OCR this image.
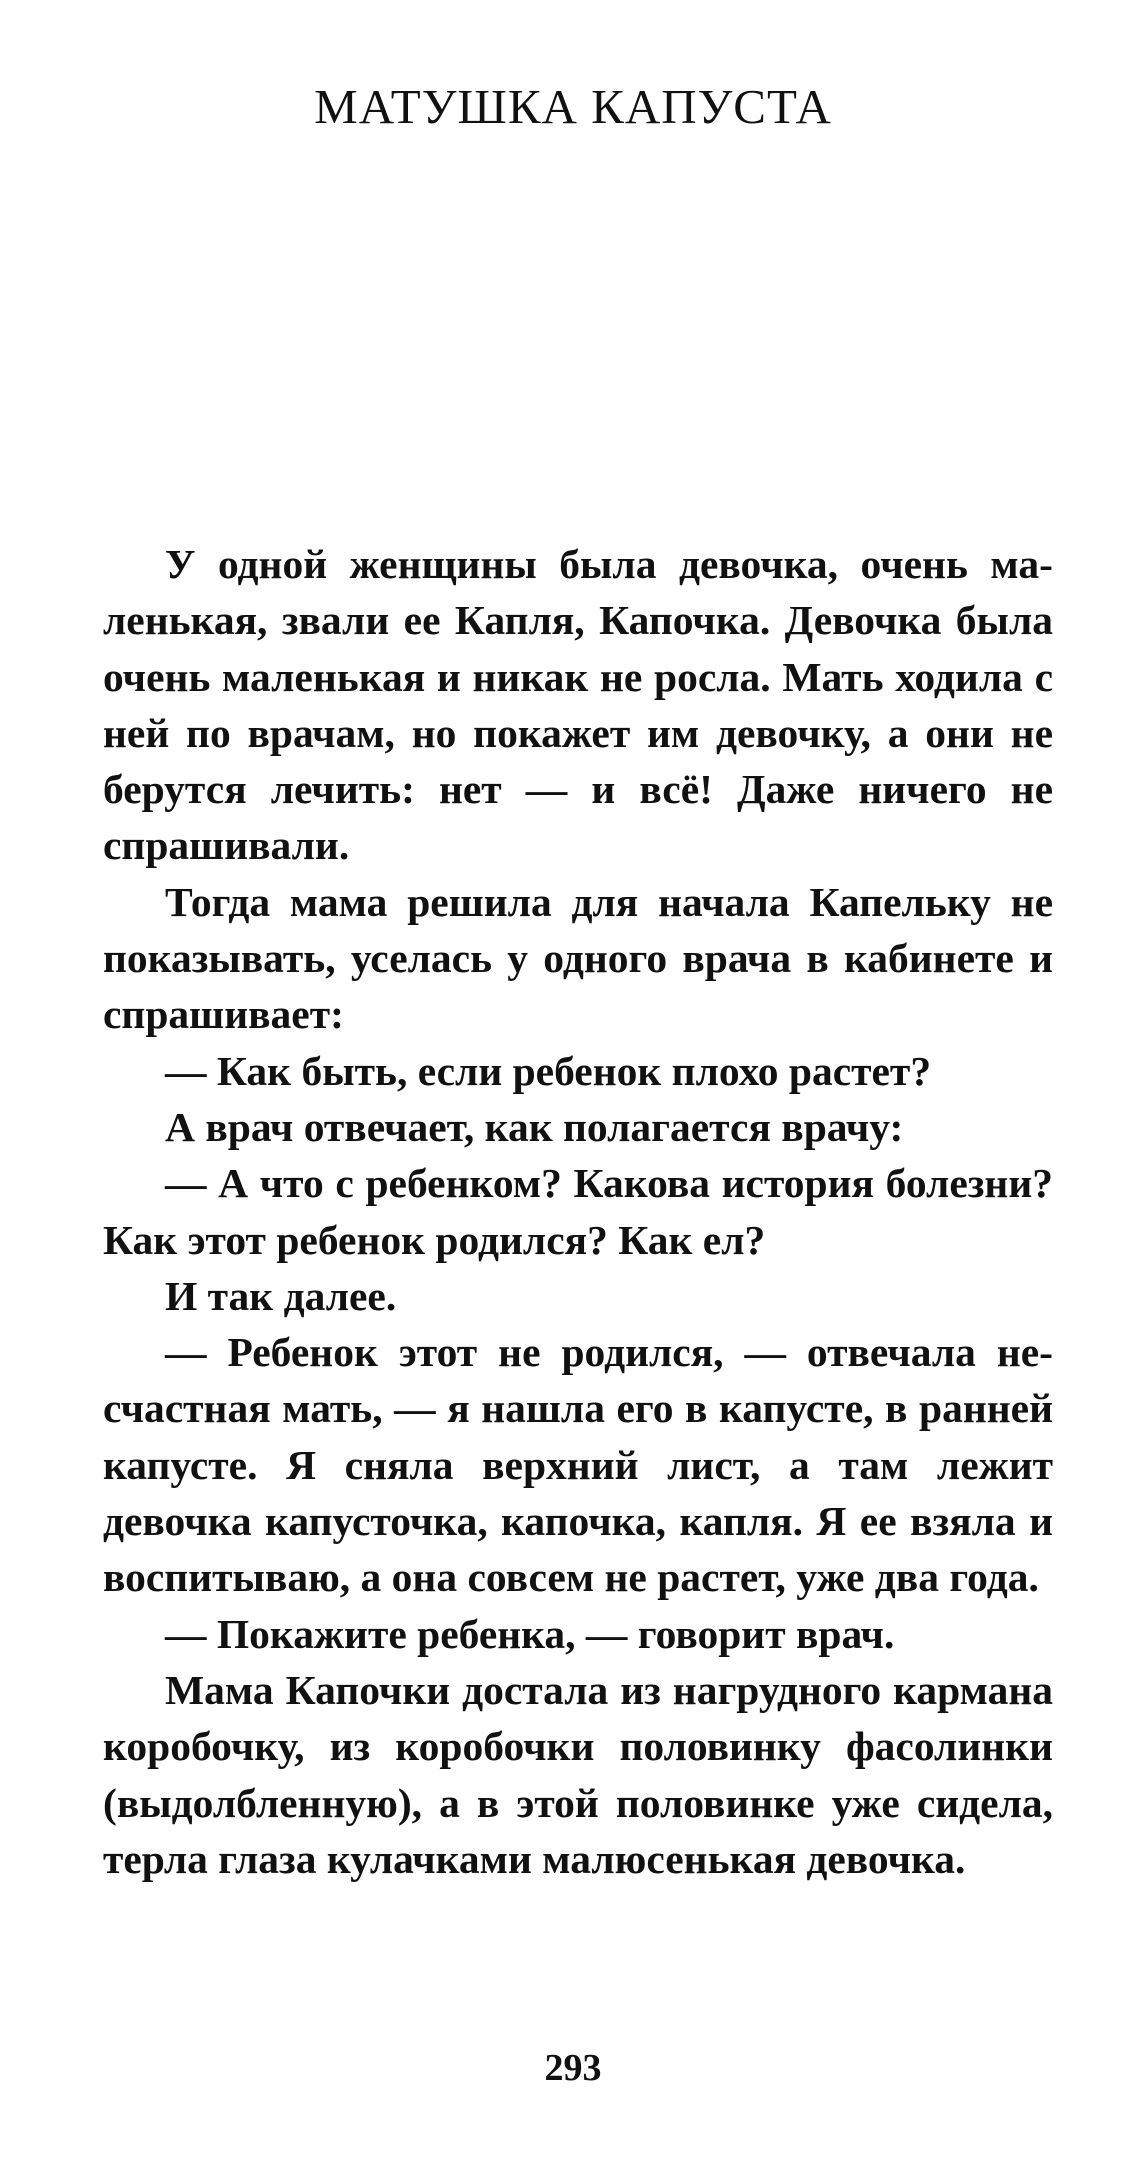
МАТУШКА КАПУСТА

У одной женщины была девочка, очень маленькая, звали ее Капля, Капочка. Девочка была очень маленькая и никак не росла. Мать ходила с ней по врачам, но покажет им девочку, а они не берутся лечить: нет — и всё! Даже ничего не спрашивали.

Тогда мама решила для начала Капельку не показывать, уселась у одного врача в кабинете и спрашивает:

— Как быть, если ребенок плохо растет?

А врач отвечает, как полагается врачу:

— А что с ребенком? Какова история болезни? Как этот ребенок родился? Как ел?

И так далее.

— Ребенок этот не родился, — отвечала несчастная мать, — я нашла его в капусте, в ранней капусте. Я сняла верхний лист, а там лежит девочка капусточка, капочка, капля. Я ее взяла и воспитываю, а она совсем не растет, уже два года.

— Покажите ребенка, — говорит врач.

Мама Капочки достала из нагрудного кармана коробочку, из коробочки половинку фасолинки (выдолбленную), а в этой половинке уже сидела, терла глаза кулачками малюсенькая девочка.

293
